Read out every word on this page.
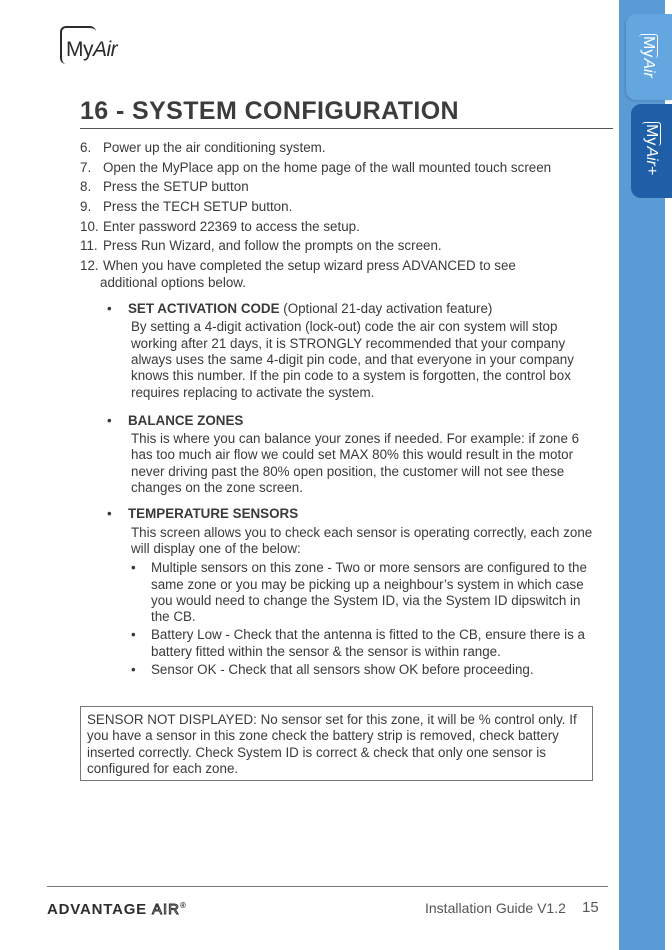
MyAir
16 - SYSTEM CONFIGURATION
6. Power up the air conditioning system.
7. Open the MyPlace app on the home page of the wall mounted touch screen
8. Press the SETUP button
9. Press the TECH SETUP button.
10. Enter password 22369 to access the setup.
11. Press Run Wizard, and follow the prompts on the screen.
12. When you have completed the setup wizard press ADVANCED to see
additional options below.
•	SET ACTIVATION CODE (Optional 21-day activation feature)
By setting a 4-digit activation (lock-out) code the air con system will stop working after 21 days, it is STRONGLY recommended that your company always uses the same 4-digit pin code, and that everyone in your company knows this number. If the pin code to a system is forgotten, the control box requires replacing to activate the system.
•	BALANCE ZONES
This is where you can balance your zones if needed. For example: if zone 6 has too much air flow we could set MAX 80% this would result in the motor never driving past the 80% open position, the customer will not see these changes on the zone screen.
•	TEMPERATURE SENSORS
This screen allows you to check each sensor is operating correctly, each zone will display one of the below:
•	Multiple sensors on this zone - Two or more sensors are configured to the same zone or you may be picking up a neighbour’s system in which case you would need to change the System ID, via the System ID dipswitch in the CB.
•	Battery Low - Check that the antenna is fitted to the CB, ensure there is a battery fitted within the sensor & the sensor is within range.
•	Sensor OK - Check that all sensors show OK before proceeding.
SENSOR NOT DISPLAYED: No sensor set for this zone, it will be % control only. If you have a sensor in this zone check the battery strip is removed, check battery inserted correctly. Check System ID is correct & check that only one sensor is configured for each zone.
ADVANTAGE AIR®	Installation Guide V1.2 15
MyAir
MyAir+
